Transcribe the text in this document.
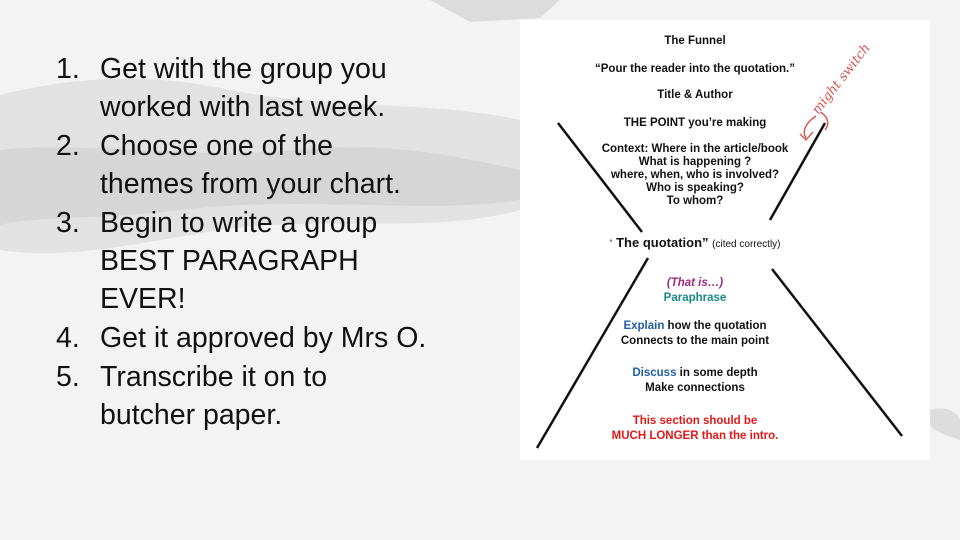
1. Get with the group you
worked with last week.
2. Choose one of the
themes from your chart.
3. Begin to write a group
BEST PARAGRAPH
EVER!
4. Get it approved by Mrs O.
5. Transcribe it on to
butcher paper.
might switch
The Funnel
“Pour the reader into the quotation.”
Title & Author
THE POINT you’re making
Context: Where in the article/book
What is happening ?
where, when, who is involved?
Who is speaking?
To whom?
“ The quotation” (cited correctly)
(That is…)
Paraphrase
Explain how the quotation
Connects to the main point
Discuss in some depth
Make connections
This section should be
MUCH LONGER than the intro.
